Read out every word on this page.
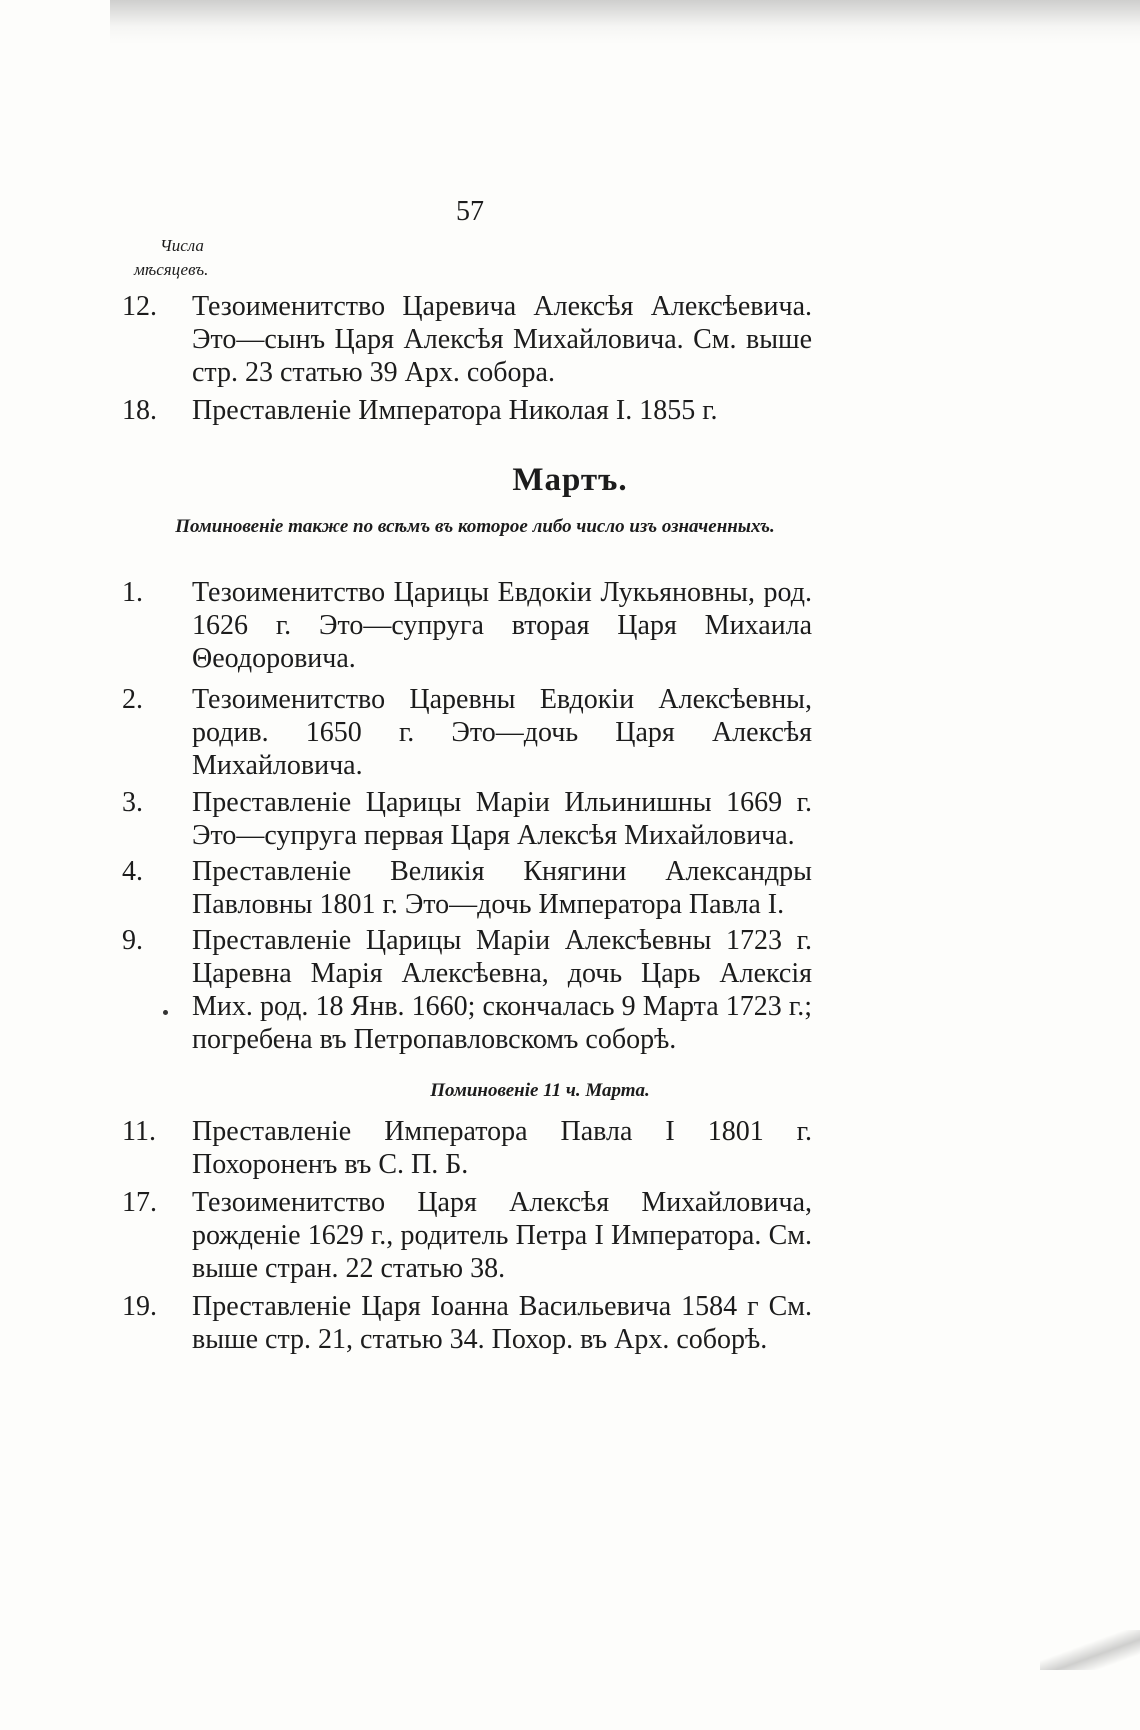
57
Числа
мѣсяцевъ.
12.	Тезоименитство Царевича Алексѣя Алексѣевича. Это—сынъ Царя Алексѣя Михайловича. См. выше стр. 23 статью 39 Арх. собора.
18.	Преставленіе Императора Николая I. 1855 г.
Мартъ.
Поминовеніе также по всѣмъ въ которое либо число изъ означенныхъ.
1.	Тезоименитство Царицы Евдокіи Лукьяновны, род. 1626 г. Это—супруга вторая Царя Михаила Θеодоровича.
2.	Тезоименитство Царевны Евдокіи Алексѣевны, родив. 1650 г. Это—дочь Царя Алексѣя Михайловича.
3.	Преставленіе Царицы Маріи Ильинишны 1669 г. Это—супруга первая Царя Алексѣя Михайловича.
4.	Преставленіе Великія Княгини Александры Павловны 1801 г. Это—дочь Императора Павла I.
9.	Преставленіе Царицы Маріи Алексѣевны 1723 г. Царевна Марія Алексѣевна, дочь Царь Алексія Мих. род. 18 Янв. 1660; скончалась 9 Марта 1723 г.; погребена въ Петропавловскомъ соборѣ.
Поминовеніе 11 ч. Марта.
11.	Преставленіе Императора Павла I 1801 г. Похороненъ въ С. П. Б.
17.	Тезоименитство Царя Алексѣя Михайловича, рожденіе 1629 г., родитель Петра I Императора. См. выше стран. 22 статью 38.
19.	Преставленіе Царя Іоанна Васильевича 1584 г См. выше стр. 21, статью 34. Похор. въ Арх. соборѣ.
